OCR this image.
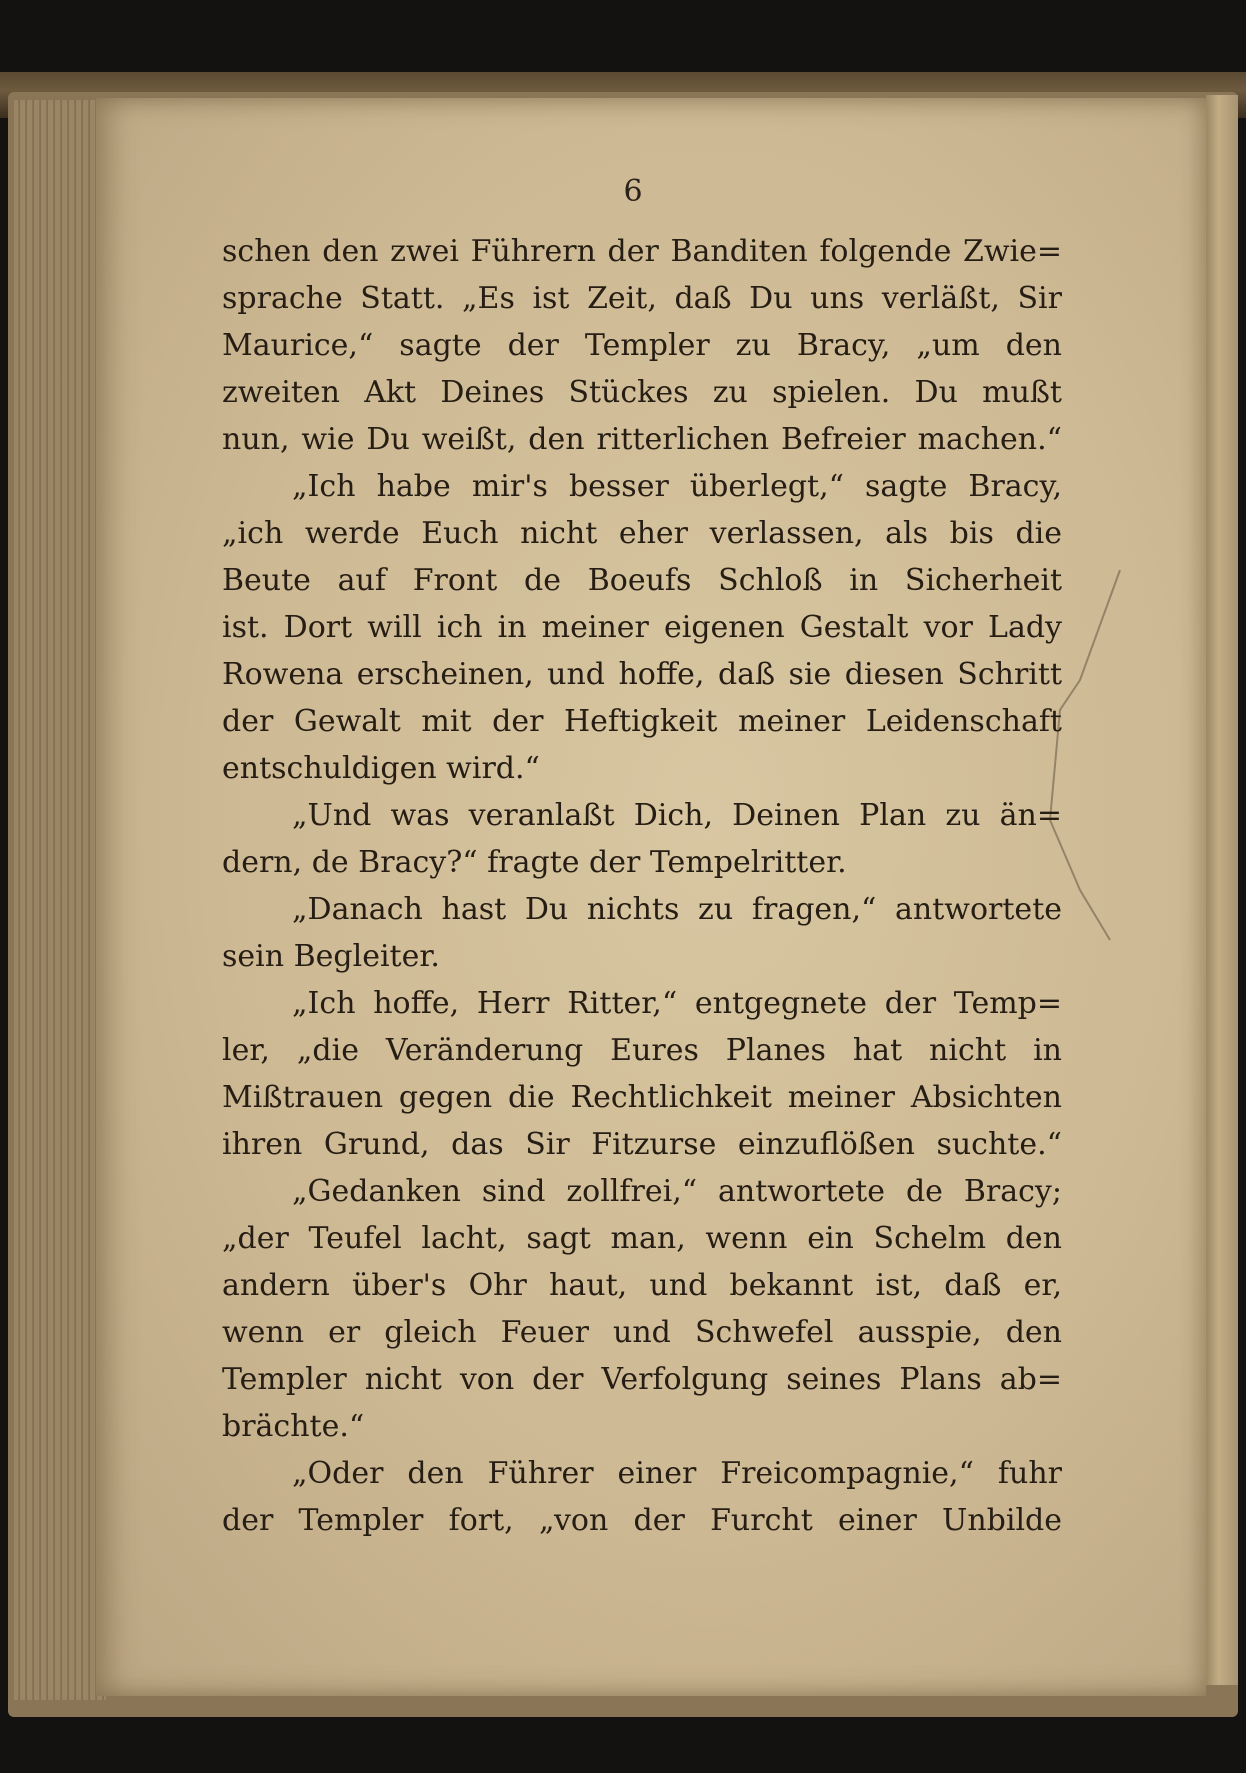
6
schen den zwei Führern der Banditen folgende Zwie=
sprache Statt. „Es ist Zeit, daß Du uns verläßt, Sir
Maurice,“ sagte der Templer zu Bracy, „um den
zweiten Akt Deines Stückes zu spielen. Du mußt
nun, wie Du weißt, den ritterlichen Befreier machen.“
„Ich habe mir's besser überlegt,“ sagte Bracy,
„ich werde Euch nicht eher verlassen, als bis die
Beute auf Front de Boeufs Schloß in Sicherheit
ist. Dort will ich in meiner eigenen Gestalt vor Lady
Rowena erscheinen, und hoffe, daß sie diesen Schritt
der Gewalt mit der Heftigkeit meiner Leidenschaft
entschuldigen wird.“
„Und was veranlaßt Dich, Deinen Plan zu än=
dern, de Bracy?“ fragte der Tempelritter.
„Danach hast Du nichts zu fragen,“ antwortete
sein Begleiter.
„Ich hoffe, Herr Ritter,“ entgegnete der Temp=
ler, „die Veränderung Eures Planes hat nicht in
Mißtrauen gegen die Rechtlichkeit meiner Absichten
ihren Grund, das Sir Fitzurse einzuflößen suchte.“
„Gedanken sind zollfrei,“ antwortete de Bracy;
„der Teufel lacht, sagt man, wenn ein Schelm den
andern über's Ohr haut, und bekannt ist, daß er,
wenn er gleich Feuer und Schwefel ausspie, den
Templer nicht von der Verfolgung seines Plans ab=
brächte.“
„Oder den Führer einer Freicompagnie,“ fuhr
der Templer fort, „von der Furcht einer Unbilde
